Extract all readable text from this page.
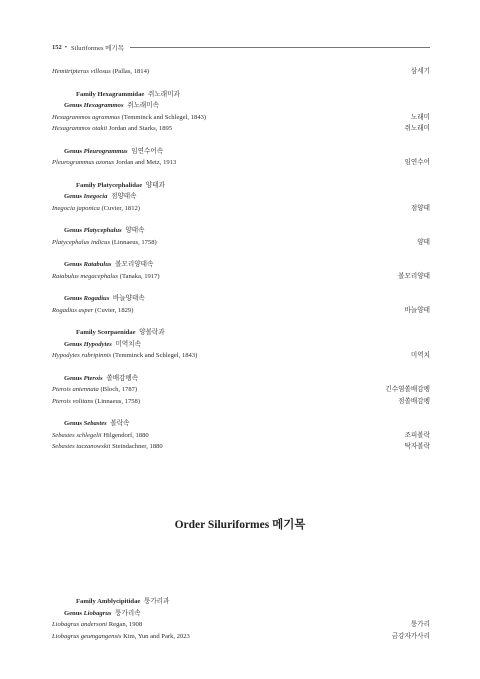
152 • Siluriformes 메기목
Hemitripterus villosus (Pallas, 1814)	삼세기
Family Hexagrammidae 쥐노래미과
Genus Hexagrammos 쥐노래미속
Hexagrammos agrammus (Temminck and Schlegel, 1843)	노래미
Hexagrammos otakii Jordan and Starks, 1895	쥐노래미
Genus Pleurogrammus 임연수어속
Pleurogrammus azonus Jordan and Metz, 1913	임연수어
Family Platycephalidae 양태과
Genus Inegocia 점양태속
Inegocia japonica (Cuvier, 1812)	점양태
Genus Platycephalus 양태속
Platycephalus indicus (Linnaeus, 1758)	양태
Genus Ratabulus 볼모리양태속
Ratabulus megacephalus (Tanaka, 1917)	볼모리양태
Genus Rogadius 바늘양태속
Rogadius asper (Cuvier, 1829)	바늘양태
Family Scorpaenidae 양볼락과
Genus Hypodytes 미역치속
Hypodytes rubripinnis (Temminck and Schlegel, 1843)	미역치
Genus Pterois 쏠배감펭속
Pterois antennata (Bloch, 1787)	긴수염쏠배감펭
Pterois volitans (Linnaeus, 1758)	점쏠배감펭
Genus Sebastes 볼락속
Sebastes schlegelii Hilgendorf, 1880	조피볼락
Sebastes taczanowskii Steindachner, 1880	탁자볼락
Order Siluriformes 메기목
Family Amblycipitidae 퉁가리과
Genus Liobagrus 퉁가리속
Liobagrus andersoni Regan, 1908	퉁가리
Liobagrus geumgangensis Kim, Yun and Park, 2023	금강자가사리
